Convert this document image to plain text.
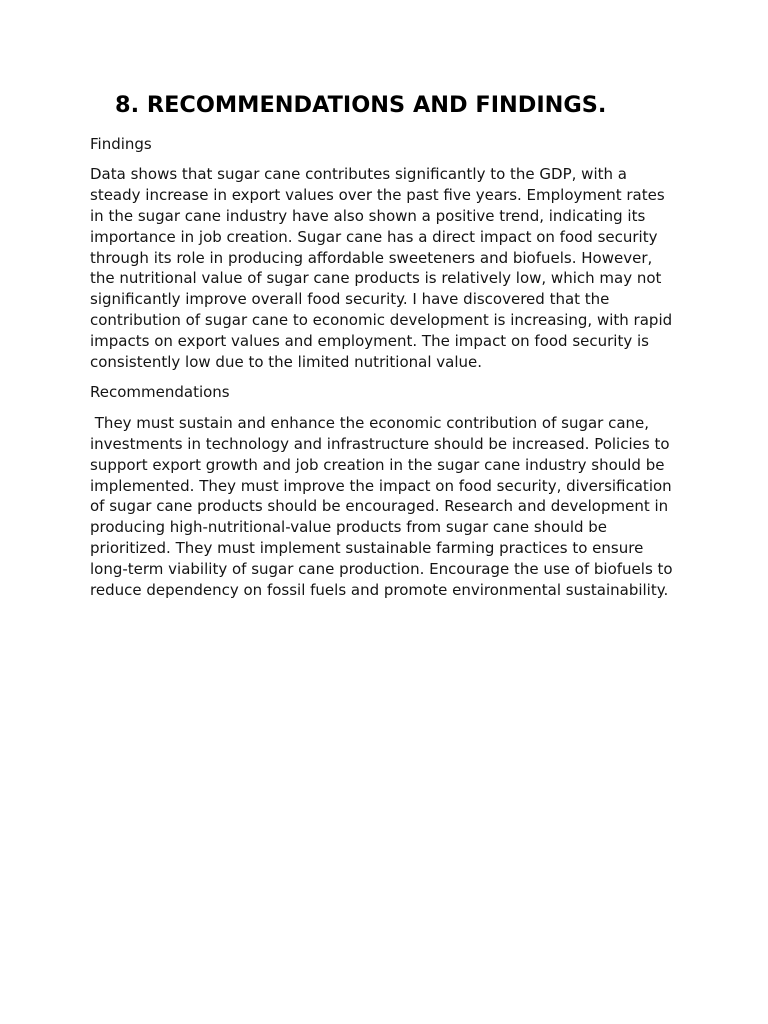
8. RECOMMENDATIONS AND FINDINGS.
Findings
Data shows that sugar cane contributes significantly to the GDP, with a
steady increase in export values over the past five years. Employment rates
in the sugar cane industry have also shown a positive trend, indicating its
importance in job creation. Sugar cane has a direct impact on food security
through its role in producing affordable sweeteners and biofuels. However,
the nutritional value of sugar cane products is relatively low, which may not
significantly improve overall food security. I have discovered that the
contribution of sugar cane to economic development is increasing, with rapid
impacts on export values and employment. The impact on food security is
consistently low due to the limited nutritional value.
Recommendations
They must sustain and enhance the economic contribution of sugar cane,
investments in technology and infrastructure should be increased. Policies to
support export growth and job creation in the sugar cane industry should be
implemented. They must improve the impact on food security, diversification
of sugar cane products should be encouraged. Research and development in
producing high-nutritional-value products from sugar cane should be
prioritized. They must implement sustainable farming practices to ensure
long-term viability of sugar cane production. Encourage the use of biofuels to
reduce dependency on fossil fuels and promote environmental sustainability.
